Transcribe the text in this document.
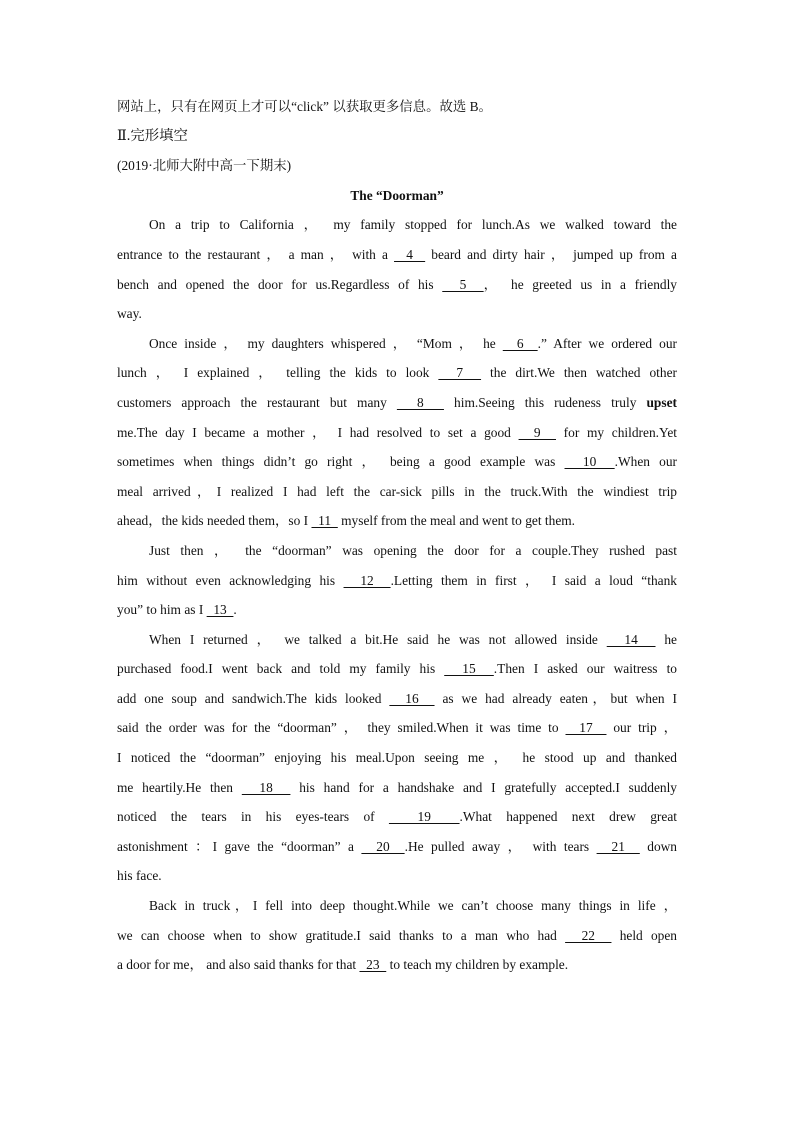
网站上，只有在网页上才可以“click” 以获取更多信息。故选 B。
Ⅱ.完形填空
(2019·北师大附中高一下期末)
The “Doorman”
On a trip to California ， my family stopped for lunch.As we walked toward the
entrance to the restaurant ， a man ， with a   4   beard and dirty hair ， jumped up from a
bench and opened the door for us.Regardless of his   5  ， he greeted us in a friendly
way.
Once inside ， my daughters whispered ， “Mom ， he   6  .” After we ordered our
lunch ， I explained ， telling the kids to look   7   the dirt.We then watched other
customers approach the restaurant but many   8   him.Seeing this rudeness truly upset
me.The day I became a mother ， I had resolved to set a good   9   for my children.Yet
sometimes when things didn’t go right ， being a good example was   10  .When our
meal arrived，I realized I had left the car-sick pills in the truck.With the windiest trip
ahead，the kids needed them，so I   11   myself from the meal and went to get them.
Just then ， the “doorman” was opening the door for a couple.They rushed past
him without even acknowledging his   12  .Letting them in first ， I said a loud “thank
you” to him as I   13  .
When I returned ， we talked a bit.He said he was not allowed inside   14   he
purchased food.I went back and told my family his   15  .Then I asked our waitress to
add one soup and sandwich.The kids looked   16   as we had already eaten，but when I
said the order was for the “doorman” ， they smiled.When it was time to   17   our trip ，
I noticed the “doorman” enjoying his meal.Upon seeing me ， he stood up and thanked
me heartily.He then   18   his hand for a handshake and I gratefully accepted.I suddenly
noticed the tears in his eyes-tears of   19  .What happened next drew great
astonishment ：I gave the “doorman” a   20  .He pulled away ， with tears   21   down
his face.
Back in truck，I fell into deep thought.While we can’t choose many things in life ，
we can choose when to show gratitude.I said thanks to a man who had   22   held open
a door for me， and also said thanks for that   23   to teach my children by example.
